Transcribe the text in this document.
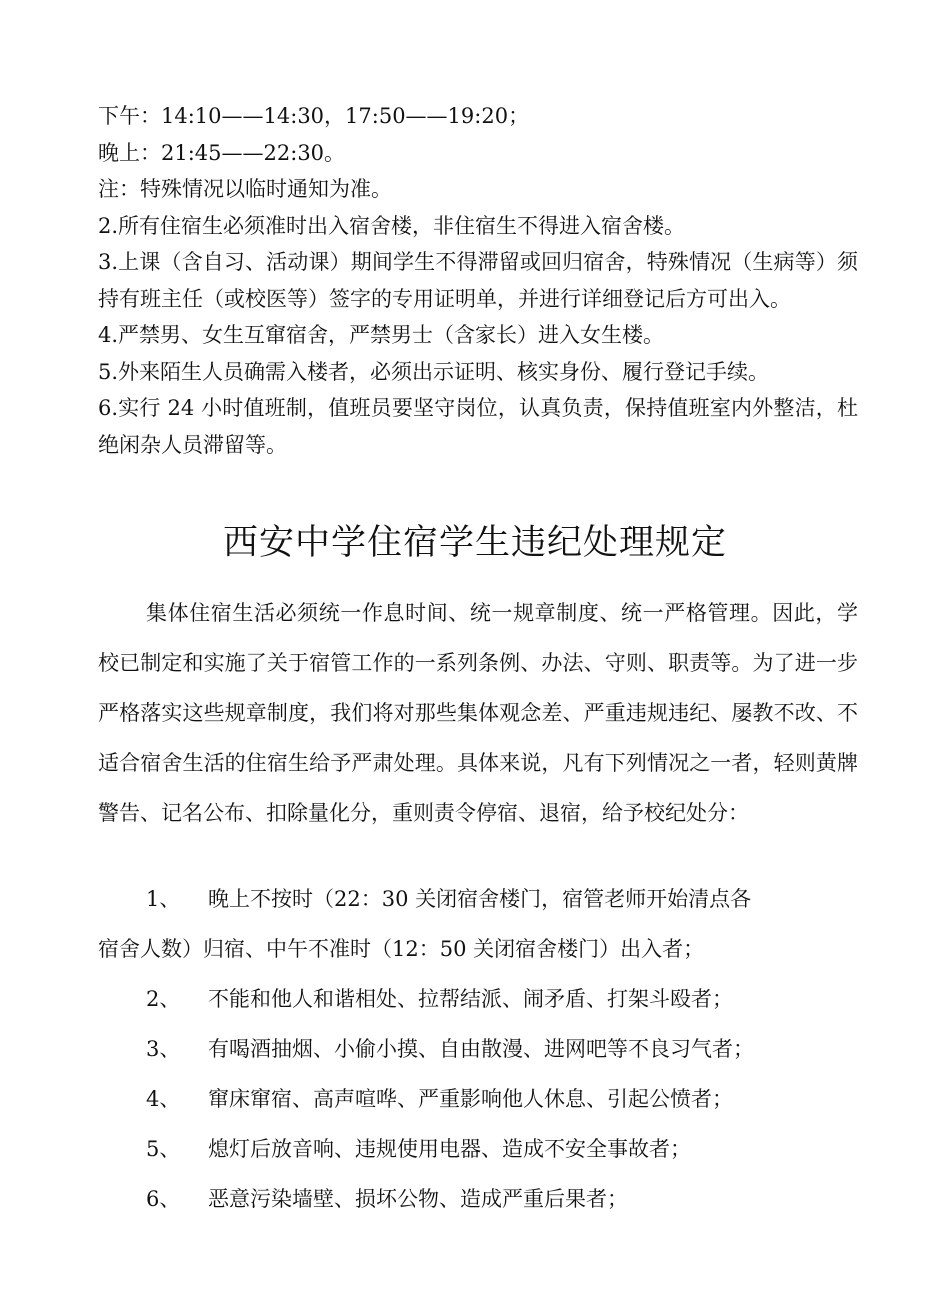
下午：14:10——14:30，17:50——19:20；

晚上：21:45——22:30。

注：特殊情况以临时通知为准。

2.所有住宿生必须准时出入宿舍楼，非住宿生不得进入宿舍楼。

3.上课（含自习、活动课）期间学生不得滞留或回归宿舍，特殊情况（生病等）须持有班主任（或校医等）签字的专用证明单，并进行详细登记后方可出入。

4.严禁男、女生互窜宿舍，严禁男士（含家长）进入女生楼。

5.外来陌生人员确需入楼者，必须出示证明、核实身份、履行登记手续。

6.实行 24 小时值班制，值班员要坚守岗位，认真负责，保持值班室内外整洁，杜绝闲杂人员滞留等。

西安中学住宿学生违纪处理规定

集体住宿生活必须统一作息时间、统一规章制度、统一严格管理。因此，学校已制定和实施了关于宿管工作的一系列条例、办法、守则、职责等。为了进一步严格落实这些规章制度，我们将对那些集体观念差、严重违规违纪、屡教不改、不适合宿舍生活的住宿生给予严肃处理。具体来说，凡有下列情况之一者，轻则黄牌警告、记名公布、扣除量化分，重则责令停宿、退宿，给予校纪处分：

1、 晚上不按时（22：30 关闭宿舍楼门，宿管老师开始清点各

宿舍人数）归宿、中午不准时（12：50 关闭宿舍楼门）出入者；

2、 不能和他人和谐相处、拉帮结派、闹矛盾、打架斗殴者；

3、 有喝酒抽烟、小偷小摸、自由散漫、进网吧等不良习气者；

4、 窜床窜宿、高声喧哗、严重影响他人休息、引起公愤者；

5、 熄灯后放音响、违规使用电器、造成不安全事故者；

6、 恶意污染墙壁、损坏公物、造成严重后果者；
